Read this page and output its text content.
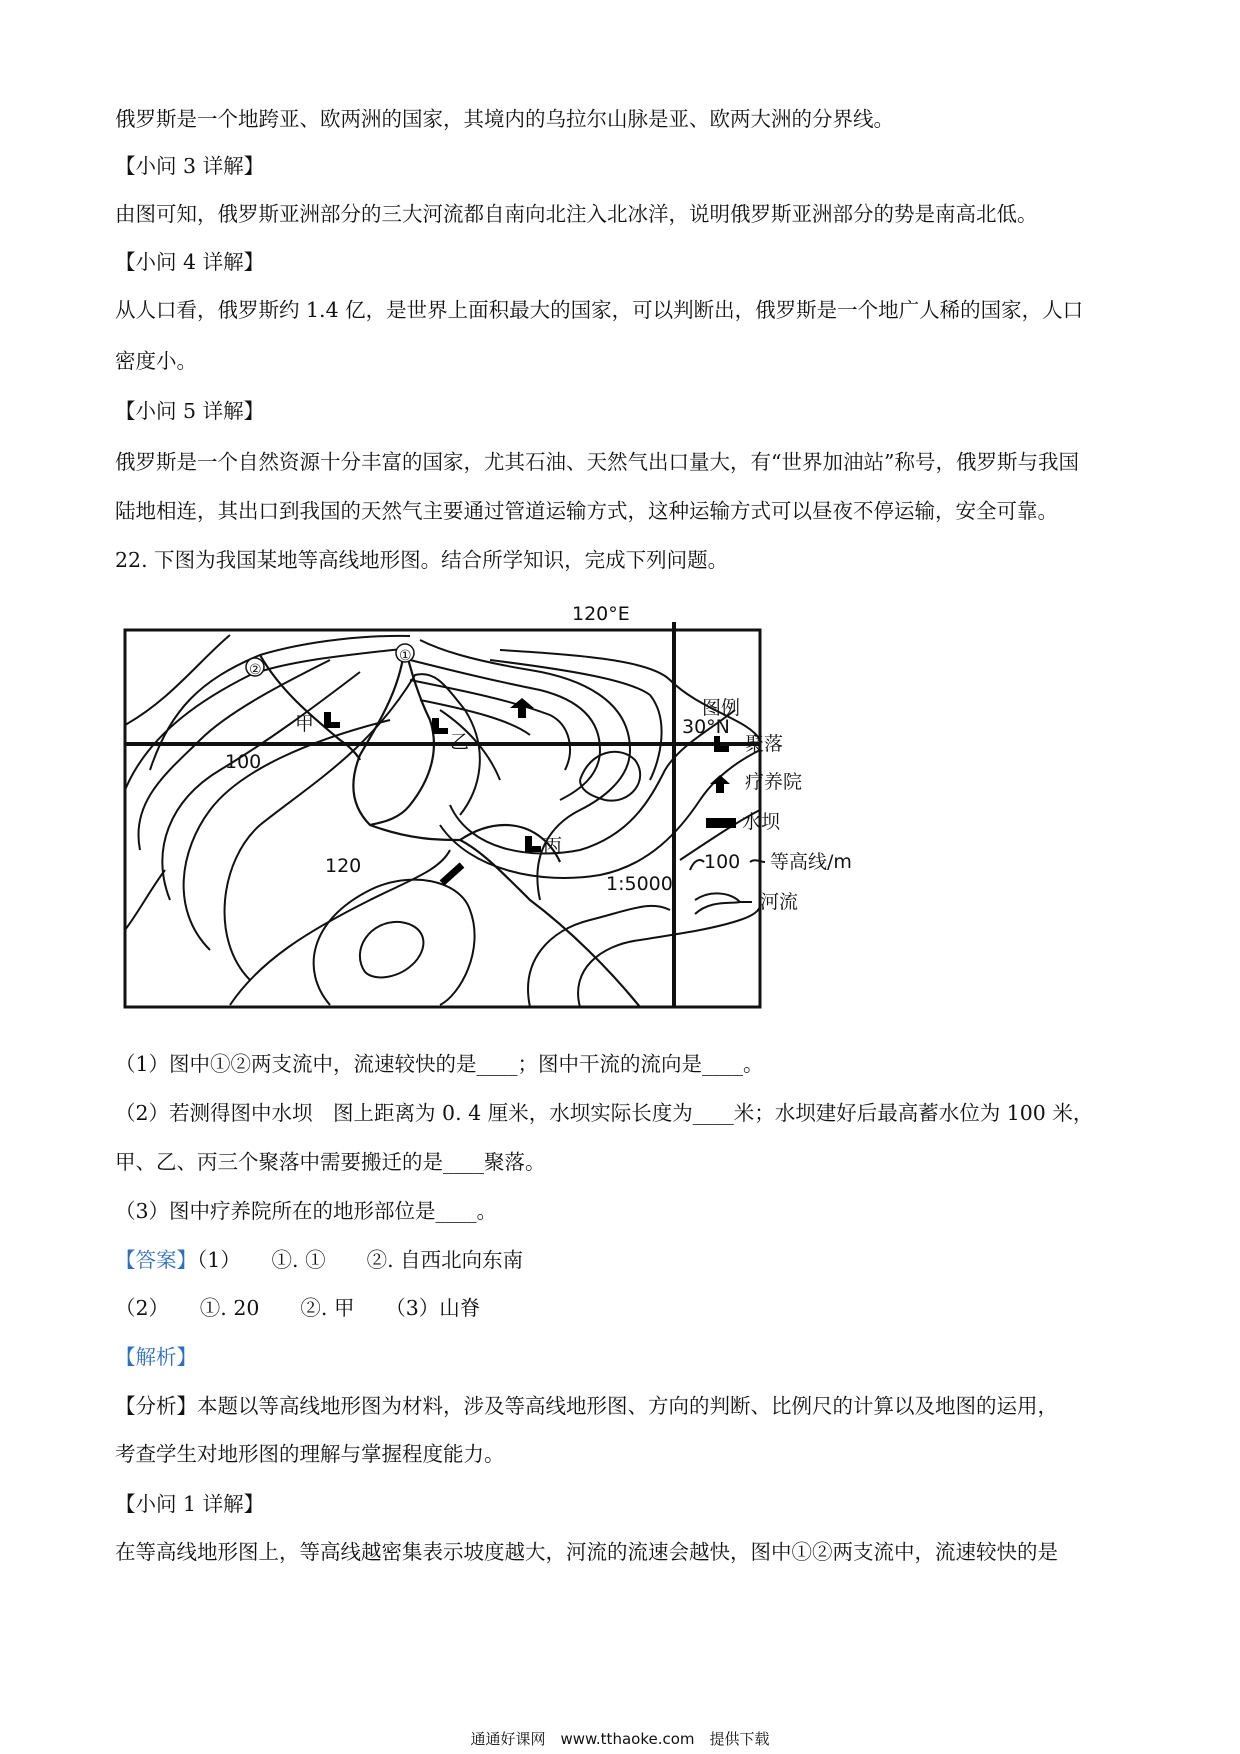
俄罗斯是一个地跨亚、欧两洲的国家，其境内的乌拉尔山脉是亚、欧两大洲的分界线。
【小问 3 详解】
由图可知，俄罗斯亚洲部分的三大河流都自南向北注入北冰洋，说明俄罗斯亚洲部分的势是南高北低。
【小问 4 详解】
从人口看，俄罗斯约 1.4 亿，是世界上面积最大的国家，可以判断出，俄罗斯是一个地广人稀的国家，人口
密度小。
【小问 5 详解】
俄罗斯是一个自然资源十分丰富的国家，尤其石油、天然气出口量大，有“世界加油站”称号，俄罗斯与我国
陆地相连，其出口到我国的天然气主要通过管道运输方式，这种运输方式可以昼夜不停运输，安全可靠。
22. 下图为我国某地等高线地形图。结合所学知识，完成下列问题。
①
②
120°E
30°N
甲
乙
丙
100
120
1:5000
图例
聚落
疗养院
水坝
100 等高线/m
河流
（1）图中①②两支流中，流速较快的是____；图中干流的流向是____。
（2）若测得图中水坝　图上距离为 0. 4 厘米，水坝实际长度为____米；水坝建好后最高蓄水位为 100 米，
甲、乙、丙三个聚落中需要搬迁的是____聚落。
（3）图中疗养院所在的地形部位是____。
【答案】（1）　　①. ①　　②. 自西北向东南
（2）　　①. 20　　②. 甲　　（3）山脊
【解析】
【分析】本题以等高线地形图为材料，涉及等高线地形图、方向的判断、比例尺的计算以及地图的运用，
考查学生对地形图的理解与掌握程度能力。
【小问 1 详解】
在等高线地形图上，等高线越密集表示坡度越大，河流的流速会越快，图中①②两支流中，流速较快的是
通通好课网　www.tthaoke.com　提供下载
